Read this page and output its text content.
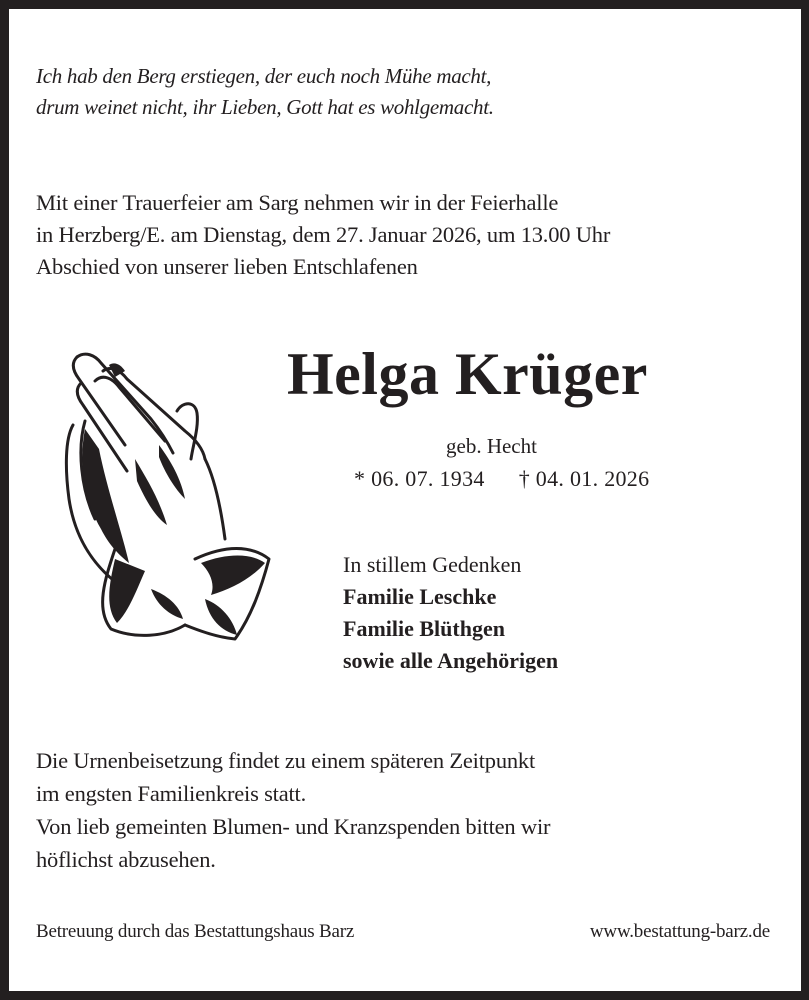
Ich hab den Berg erstiegen, der euch noch Mühe macht,
drum weinet nicht, ihr Lieben, Gott hat es wohlgemacht.
Mit einer Trauerfeier am Sarg nehmen wir in der Feierhalle
in Herzberg/E. am Dienstag, dem 27. Januar 2026, um 13.00 Uhr
Abschied von unserer lieben Entschlafenen
Helga Krüger
geb. Hecht
* 06. 07. 1934 † 04. 01. 2026
In stillem Gedenken
Familie Leschke
Familie Blüthgen
sowie alle Angehörigen
Die Urnenbeisetzung findet zu einem späteren Zeitpunkt
im engsten Familienkreis statt.
Von lieb gemeinten Blumen- und Kranzspenden bitten wir
höflichst abzusehen.
Betreuung durch das Bestattungshaus Barz	www.bestattung-barz.de
